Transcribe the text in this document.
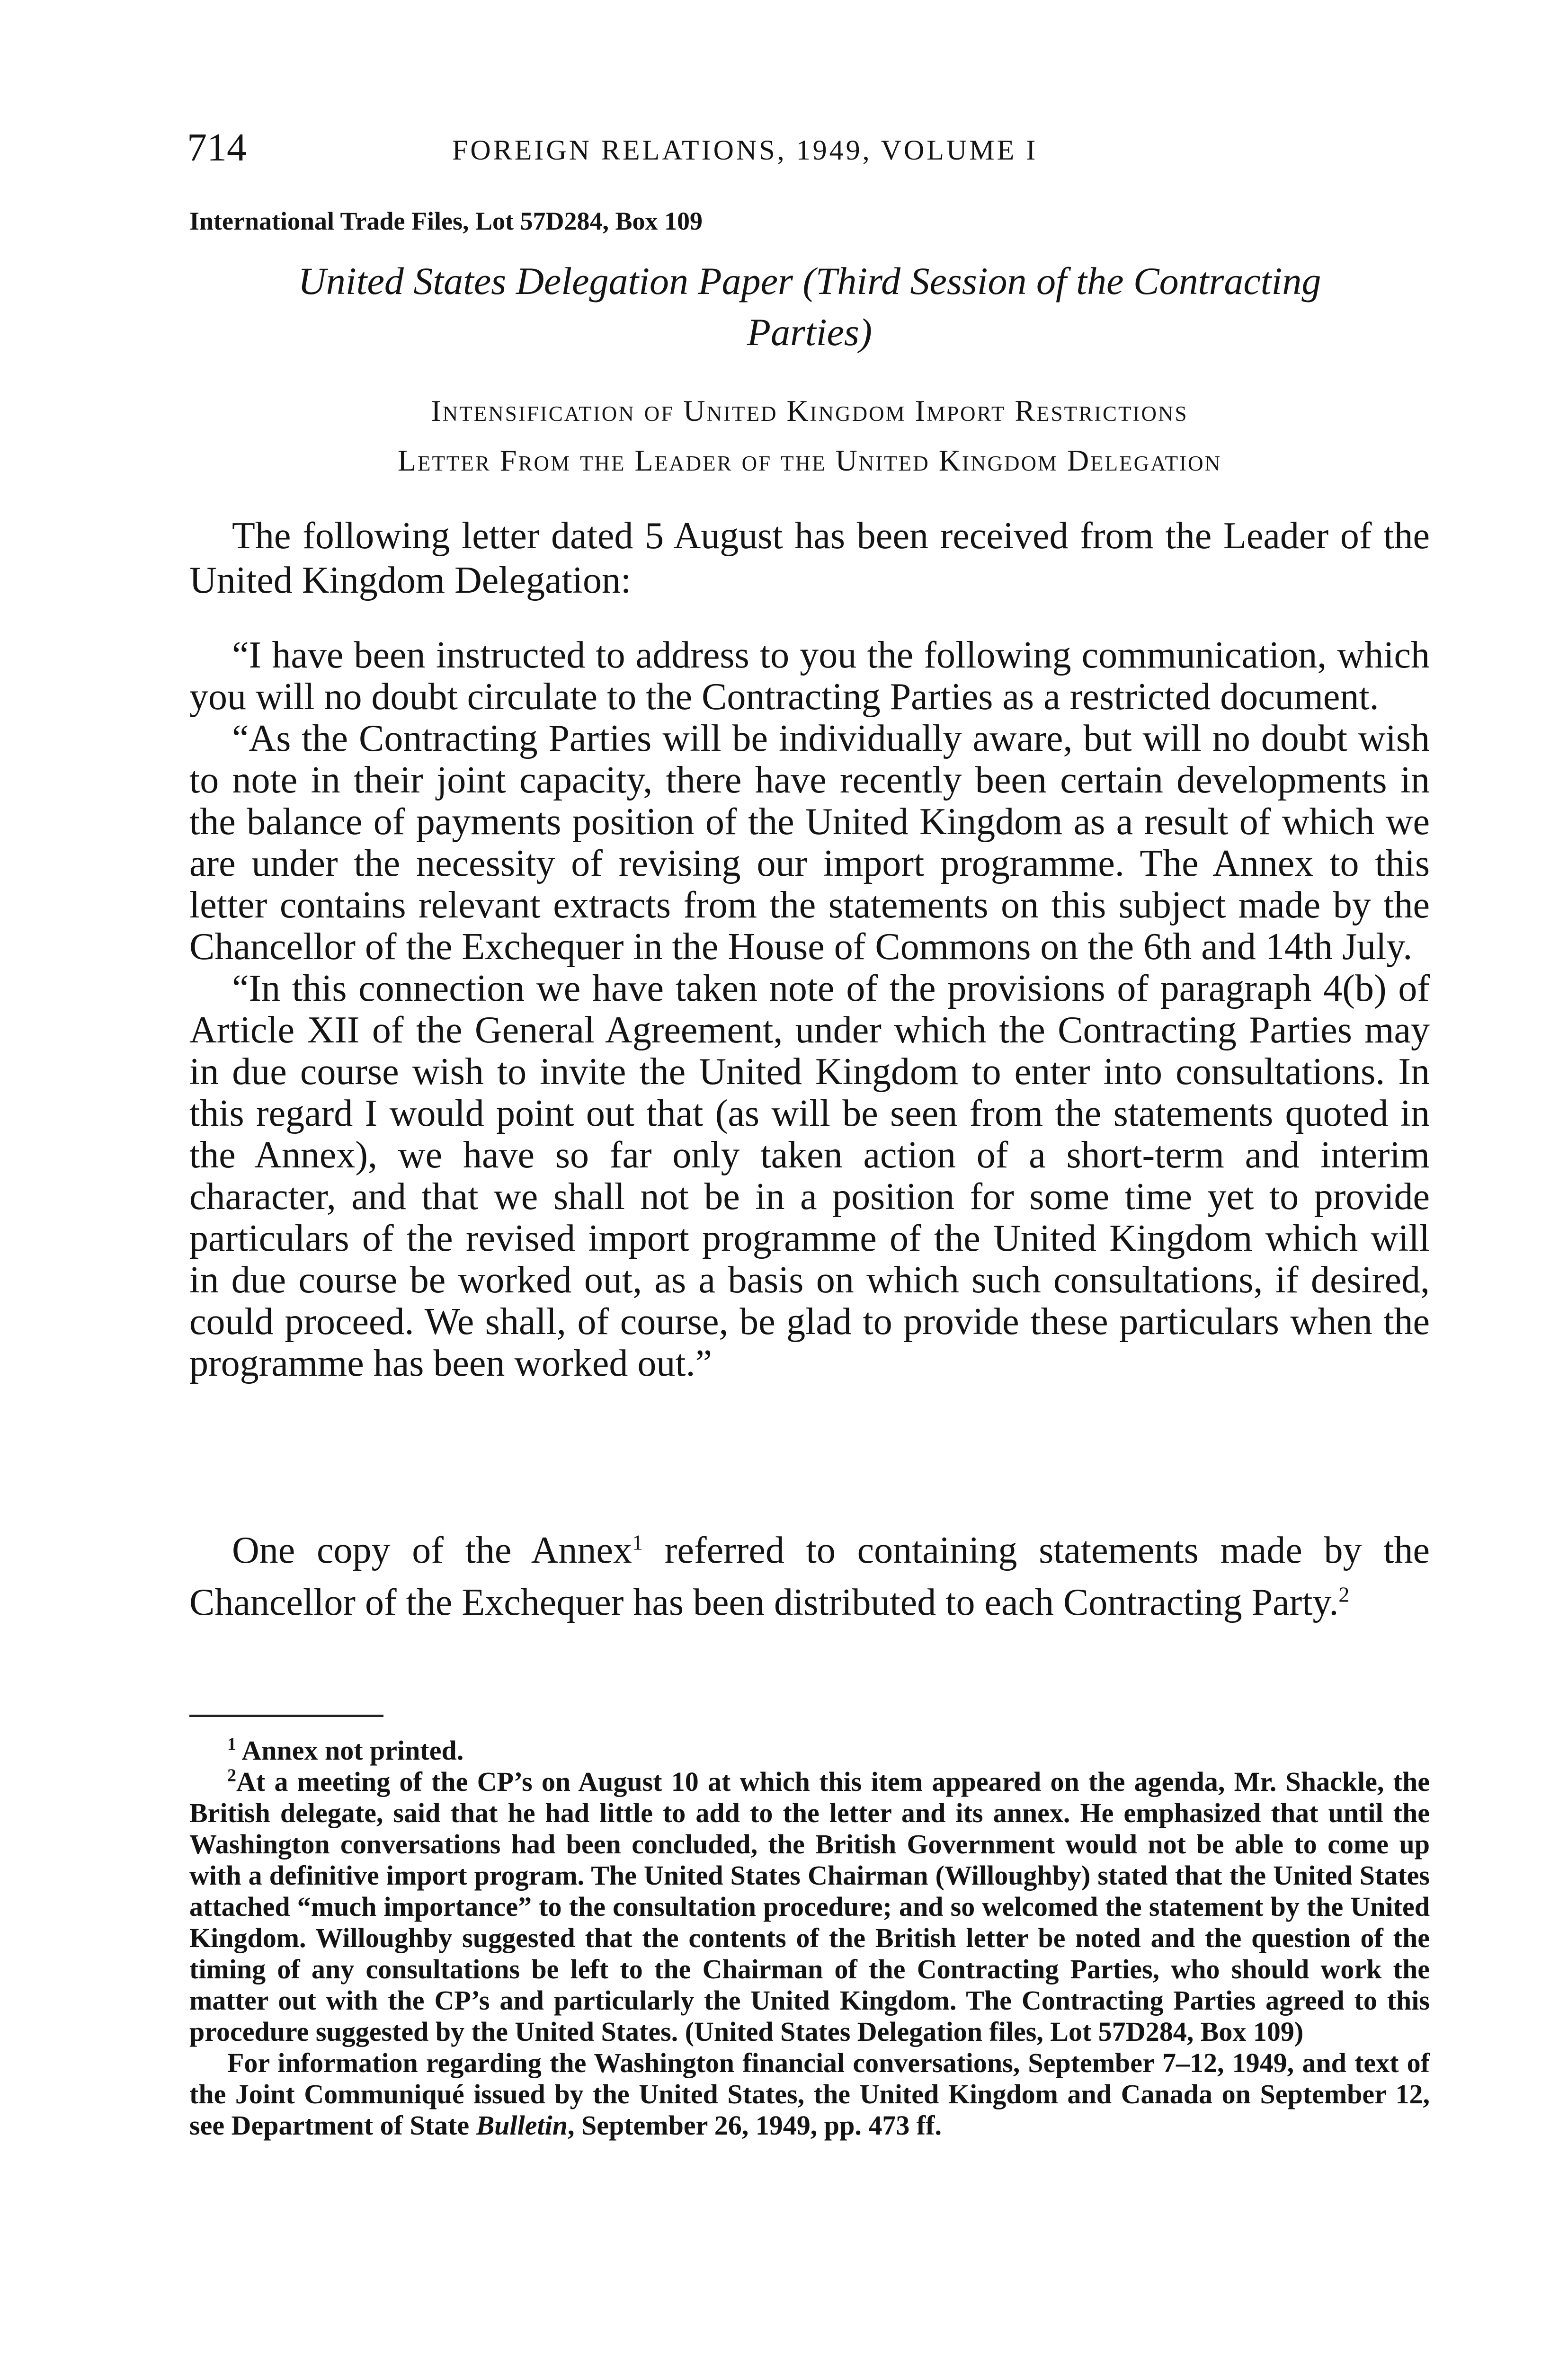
714	FOREIGN RELATIONS, 1949, VOLUME I
International Trade Files, Lot 57D284, Box 109
United States Delegation Paper (Third Session of the Contracting
Parties)
Intensification of United Kingdom Import Restrictions
Letter From the Leader of the United Kingdom Delegation

The following letter dated 5 August has been received from the Leader of the United Kingdom Delegation:

“I have been instructed to address to you the following communication, which you will no doubt circulate to the Contracting Parties as a restricted document.

“As the Contracting Parties will be individually aware, but will no doubt wish to note in their joint capacity, there have recently been certain developments in the balance of payments position of the United Kingdom as a result of which we are under the necessity of revising our import programme. The Annex to this letter contains relevant extracts from the statements on this subject made by the Chancellor of the Exchequer in the House of Commons on the 6th and 14th July.

“In this connection we have taken note of the provisions of paragraph 4(b) of Article XII of the General Agreement, under which the Contracting Parties may in due course wish to invite the United Kingdom to enter into consultations. In this regard I would point out that (as will be seen from the statements quoted in the Annex), we have so far only taken action of a short-term and interim character, and that we shall not be in a position for some time yet to provide particulars of the revised import programme of the United Kingdom which will in due course be worked out, as a basis on which such consultations, if desired, could proceed. We shall, of course, be glad to provide these particulars when the programme has been worked out.”

One copy of the Annex$^1$ referred to containing statements made by the Chancellor of the Exchequer has been distributed to each Contracting Party.$^2$

$^1$ Annex not printed.

$^2$At a meeting of the CP’s on August 10 at which this item appeared on the agenda, Mr. Shackle, the British delegate, said that he had little to add to the letter and its annex. He emphasized that until the Washington conversations had been concluded, the British Government would not be able to come up with a definitive import program. The United States Chairman (Willoughby) stated that the United States attached “much importance” to the consultation procedure; and so welcomed the statement by the United Kingdom. Willoughby suggested that the contents of the British letter be noted and the question of the timing of any consultations be left to the Chairman of the Contracting Parties, who should work the matter out with the CP’s and particularly the United Kingdom. The Contracting Parties agreed to this procedure suggested by the United States. (United States Delegation files, Lot 57D284, Box 109)

For information regarding the Washington financial conversations, September 7–12, 1949, and text of the Joint Communiqué issued by the United States, the United Kingdom and Canada on September 12, see Department of State Bulletin, September 26, 1949, pp. 473 ff.
